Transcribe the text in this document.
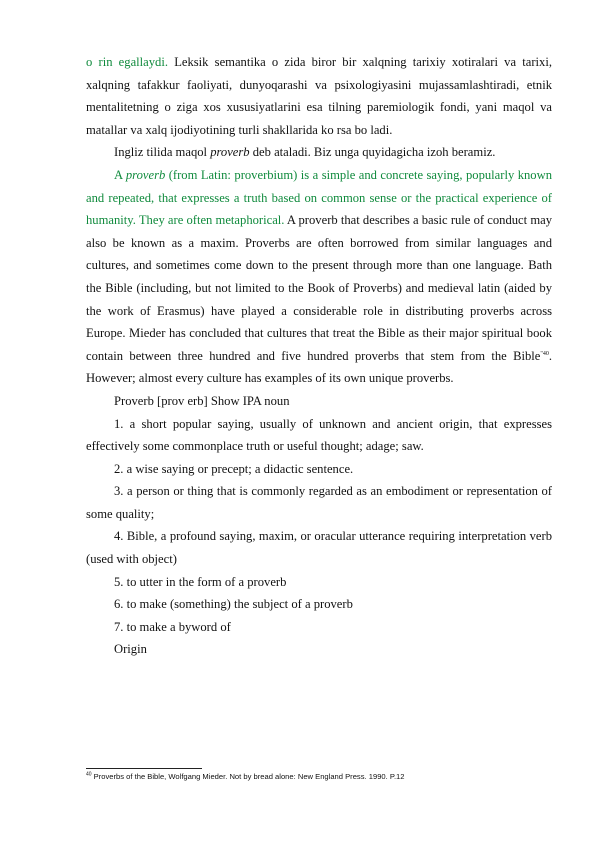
o rin egallaydi. Leksik semantika o zida biror bir xalqning tarixiy xotiralari va tarixi, xalqning tafakkur faoliyati, dunyoqarashi va psixologiyasini mujassamlashtiradi, etnik mentalitetning o ziga xos xususiyatlarini esa tilning paremiologik fondi, yani maqol va matallar va xalq ijodiyotining turli shakllarida ko rsa bo ladi.

Ingliz tilida maqol proverb deb ataladi. Biz unga quyidagicha izoh beramiz.

A proverb (from Latin: proverbium) is a simple and concrete saying, popularly known and repeated, that expresses a truth based on common sense or the practical experience of humanity. They are often metaphorical. A proverb that describes a basic rule of conduct may also be known as a maxim. Proverbs are often borrowed from similar languages and cultures, and sometimes come down to the present through more than one language. Bath the Bible (including, but not limited to the Book of Proverbs) and medieval latin (aided by the work of Erasmus) have played a considerable role in distributing proverbs across Europe. Mieder has concluded that cultures that treat the Bible as their major spiritual book contain between three hundred and five hundred proverbs that stem from the Bible$^{"40}$. However; almost every culture has examples of its own unique proverbs.

Proverb [prov erb] Show IPA noun

1. a short popular saying, usually of unknown and ancient origin, that expresses effectively some commonplace truth or useful thought; adage; saw.

2. a wise saying or precept; a didactic sentence.

3. a person or thing that is commonly regarded as an embodiment or representation of some quality;

4. Bible, a profound saying, maxim, or oracular utterance requiring interpretation verb (used with object)

5. to utter in the form of a proverb

6. to make (something) the subject of a proverb

7. to make a byword of

Origin

$^{40}$ Proverbs of the Bible, Wolfgang Mieder. Not by bread alone: New England Press. 1990. P.12
